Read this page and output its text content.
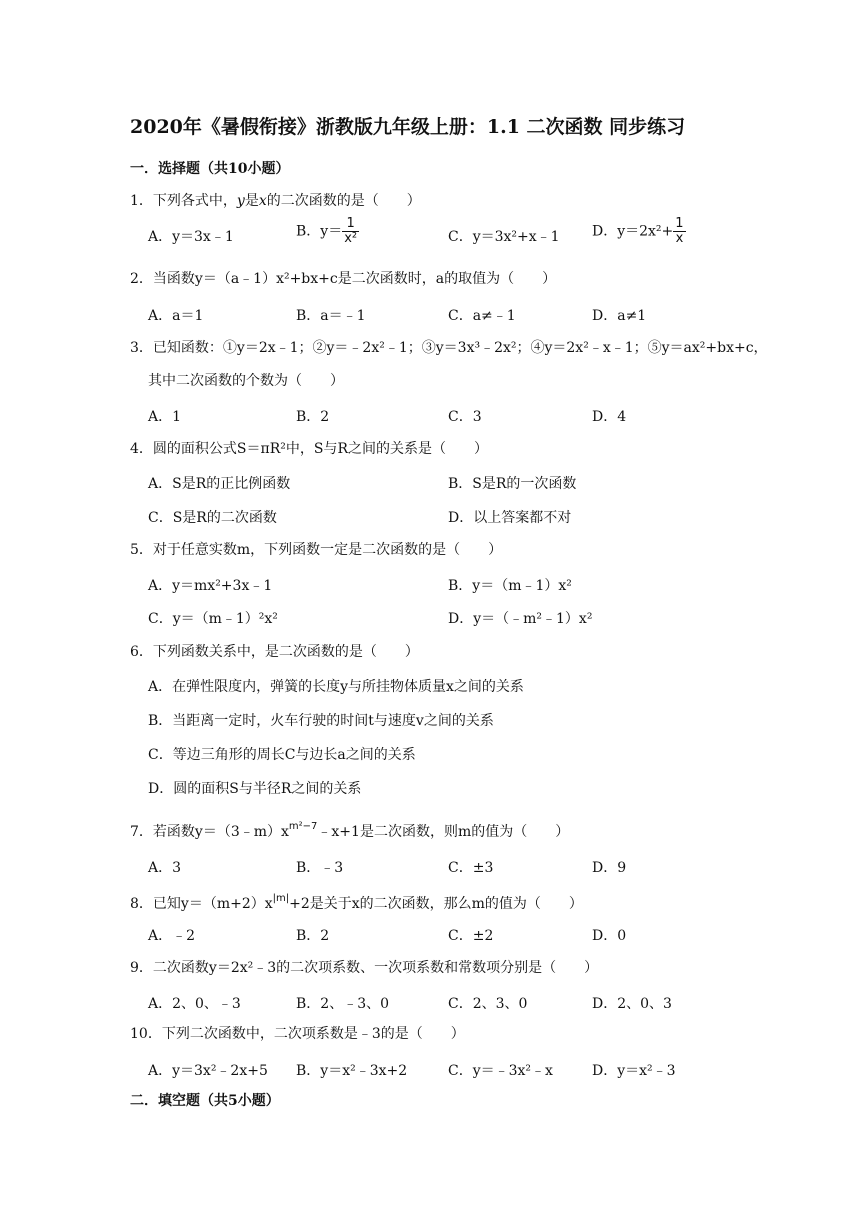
2020年《暑假衔接》浙教版九年级上册：1.1 二次函数 同步练习
一．选择题（共10小题）
1．下列各式中，y是x的二次函数的是（　　）
A．y＝3x﹣1	B．$y= \frac{1}{\text{x²}}$	C．y＝3x²+x﹣1 D．$y=2x^2+ \frac{1}{x}$
2．当函数y＝（a﹣1）x²+bx+c是二次函数时，a的取值为（　　）
A．a＝1	B．a＝﹣1	C．a≠﹣1	D．a≠1
3．已知函数：①y＝2x﹣1；②y＝﹣2x²﹣1；③y＝3x³﹣2x²；④y＝2x²﹣x﹣1；⑤y＝ax²+bx+c，
其中二次函数的个数为（　　）
A．1	B．2	C．3	D．4
4．圆的面积公式S＝πR²中，S与R之间的关系是（　　）
A．S是R的正比例函数	B．S是R的一次函数
C．S是R的二次函数	D．以上答案都不对
5．对于任意实数m，下列函数一定是二次函数的是（　　）
A．y＝mx²+3x﹣1	B．y＝（m﹣1）x²
C．y＝（m﹣1）²x²	D．y＝（﹣m²﹣1）x²
6．下列函数关系中，是二次函数的是（　　）
A．在弹性限度内，弹簧的长度y与所挂物体质量x之间的关系
B．当距离一定时，火车行驶的时间t与速度v之间的关系
C．等边三角形的周长C与边长a之间的关系
D．圆的面积S与半径R之间的关系
7．若函数$y=(3﹣m)x^{m^2-7}﹣x+1$是二次函数，则m的值为（　　）
A．3	B．﹣3	C．±3	D．9
8．已知$y=(m+2)x^{|m|}+2$是关于x的二次函数，那么m的值为（　　）
A．﹣2	B．2	C．±2	D．0
9．二次函数y＝2x²﹣3的二次项系数、一次项系数和常数项分别是（　　）
A．2、0、﹣3	B．2、﹣3、0	C．2、3、0	D．2、0、3
10．下列二次函数中，二次项系数是﹣3的是（　　）
A．y＝3x²﹣2x+5 B．y＝x²﹣3x+2	C．y＝﹣3x²﹣x	D．y＝x²﹣3
二．填空题（共5小题）
